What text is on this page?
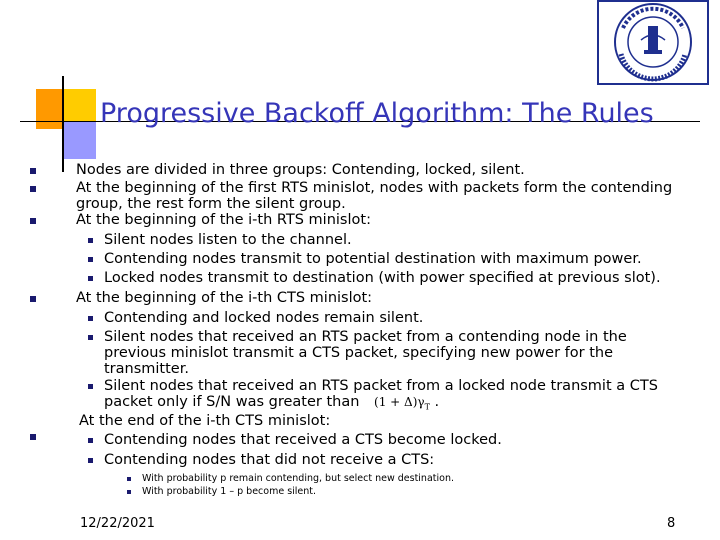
Progressive Backoff Algorithm: The Rules
Nodes are divided in three groups: Contending, locked, silent.
At the beginning of the first RTS minislot, nodes with packets form the contending
group, the rest form the silent group.
At the beginning of the i-th RTS minislot:
Silent nodes listen to the channel.
Contending nodes transmit to potential destination with maximum power.
Locked nodes transmit to destination (with power specified at previous slot).
At the beginning of the i-th CTS minislot:
Contending and locked nodes remain silent.
Silent nodes that received an RTS packet from a contending node in the
previous minislot transmit a CTS packet, specifying new power for the
transmitter.
Silent nodes that received an RTS packet from a locked node transmit a CTS
packet only if S/N was greater than $(1 + \Delta)\gamma_T$ .
At the end of the i-th CTS minislot:
Contending nodes that received a CTS become locked.
Contending nodes that did not receive a CTS:
With probability p remain contending, but select new destination.
With probability 1 – p become silent.
12/22/2021	8
